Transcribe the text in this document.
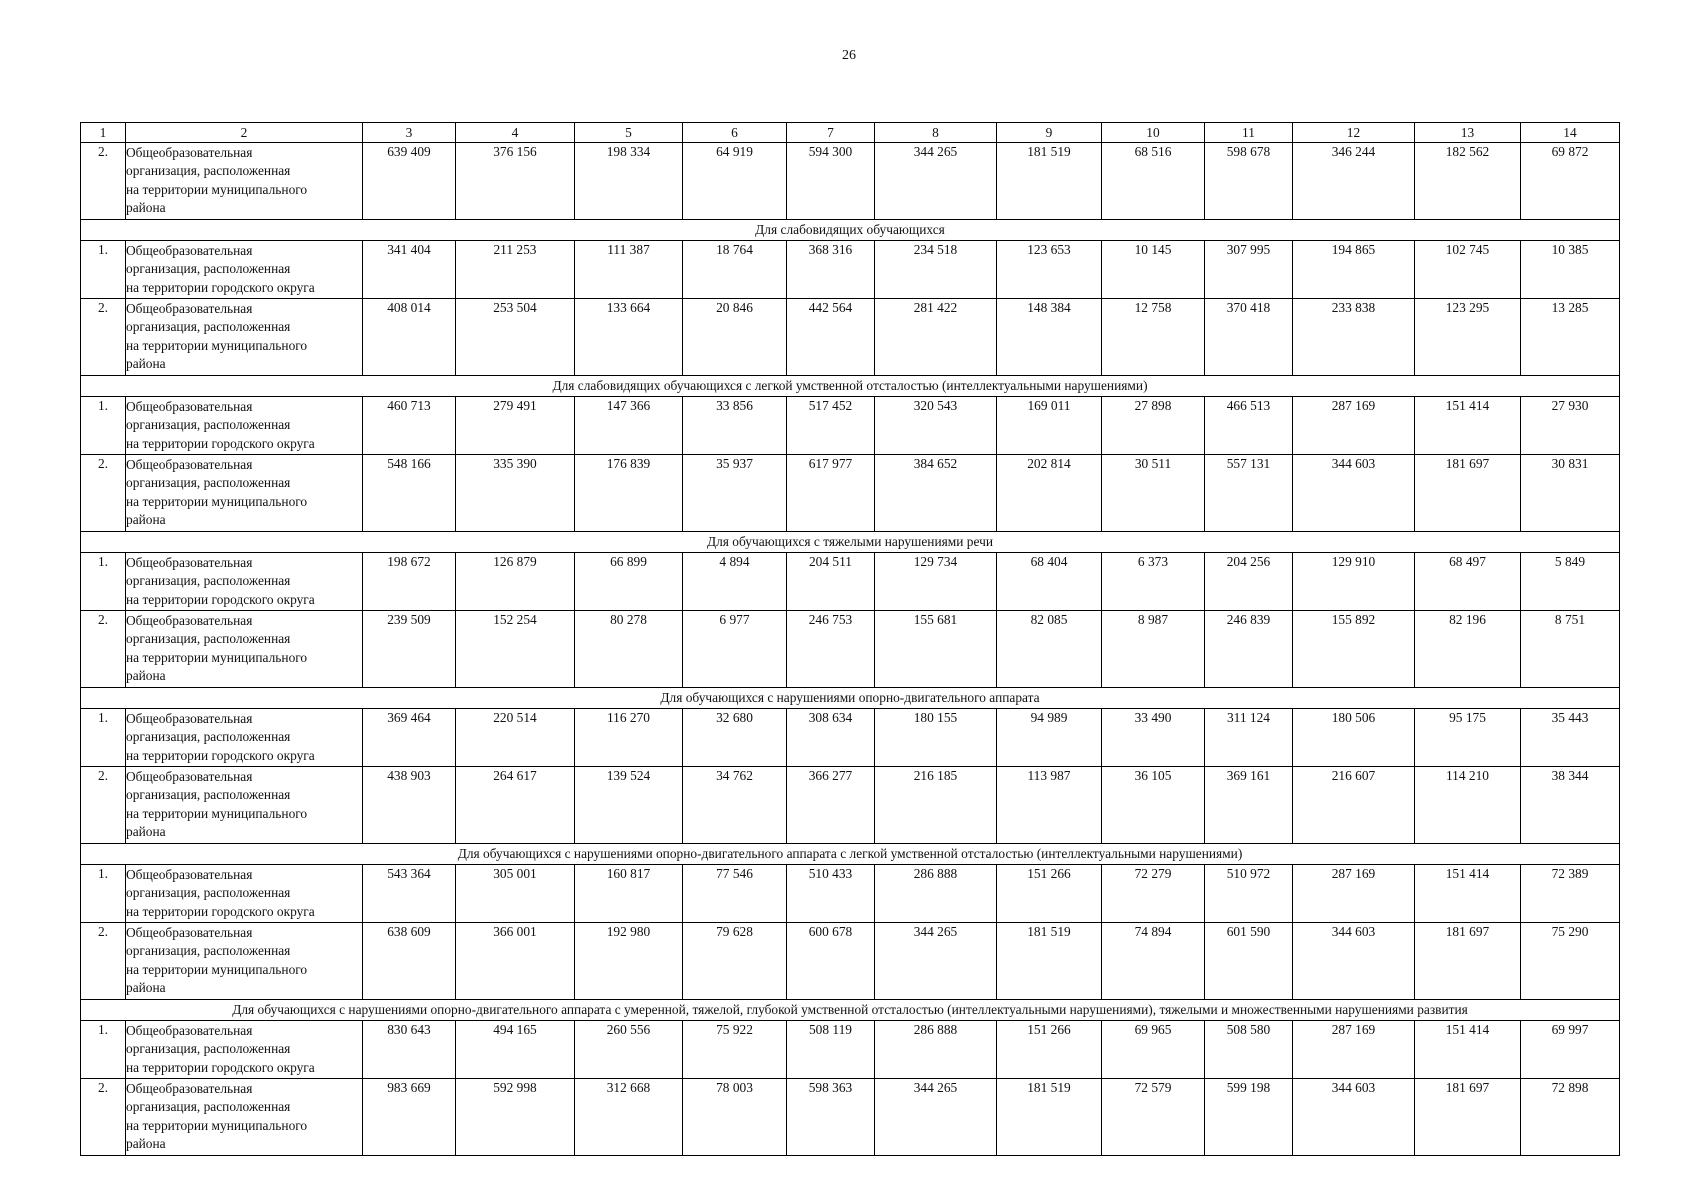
26
1	2	3	4	5	6	7	8	9	10	11	12	13	14
2.	Общеобразовательная
организация, расположенная
на территории муниципального
района	639 409	376 156	198 334	64 919	594 300	344 265	181 519	68 516	598 678	346 244	182 562	69 872
Для слабовидящих обучающихся													
1.	Общеобразовательная
организация, расположенная
на территории городского округа	341 404	211 253	111 387	18 764	368 316	234 518	123 653	10 145	307 995	194 865	102 745	10 385
2.	Общеобразовательная
организация, расположенная
на территории муниципального
района	408 014	253 504	133 664	20 846	442 564	281 422	148 384	12 758	370 418	233 838	123 295	13 285
Для слабовидящих обучающихся с легкой умственной отсталостью (интеллектуальными нарушениями)													
1.	Общеобразовательная
организация, расположенная
на территории городского округа	460 713	279 491	147 366	33 856	517 452	320 543	169 011	27 898	466 513	287 169	151 414	27 930
2.	Общеобразовательная
организация, расположенная
на территории муниципального
района	548 166	335 390	176 839	35 937	617 977	384 652	202 814	30 511	557 131	344 603	181 697	30 831
Для обучающихся с тяжелыми нарушениями речи													
1.	Общеобразовательная
организация, расположенная
на территории городского округа	198 672	126 879	66 899	4 894	204 511	129 734	68 404	6 373	204 256	129 910	68 497	5 849
2.	Общеобразовательная
организация, расположенная
на территории муниципального
района	239 509	152 254	80 278	6 977	246 753	155 681	82 085	8 987	246 839	155 892	82 196	8 751
Для обучающихся с нарушениями опорно-двигательного аппарата													
1.	Общеобразовательная
организация, расположенная
на территории городского округа	369 464	220 514	116 270	32 680	308 634	180 155	94 989	33 490	311 124	180 506	95 175	35 443
2.	Общеобразовательная
организация, расположенная
на территории муниципального
района	438 903	264 617	139 524	34 762	366 277	216 185	113 987	36 105	369 161	216 607	114 210	38 344
Для обучающихся с нарушениями опорно-двигательного аппарата с легкой умственной отсталостью (интеллектуальными нарушениями)													
1.	Общеобразовательная
организация, расположенная
на территории городского округа	543 364	305 001	160 817	77 546	510 433	286 888	151 266	72 279	510 972	287 169	151 414	72 389
2.	Общеобразовательная
организация, расположенная
на территории муниципального
района	638 609	366 001	192 980	79 628	600 678	344 265	181 519	74 894	601 590	344 603	181 697	75 290
Для обучающихся с нарушениями опорно-двигательного аппарата с умеренной, тяжелой, глубокой умственной отсталостью (интеллектуальными нарушениями), тяжелыми и множественными нарушениями развития													
1.	Общеобразовательная
организация, расположенная
на территории городского округа	830 643	494 165	260 556	75 922	508 119	286 888	151 266	69 965	508 580	287 169	151 414	69 997
2.	Общеобразовательная
организация, расположенная
на территории муниципального
района	983 669	592 998	312 668	78 003	598 363	344 265	181 519	72 579	599 198	344 603	181 697	72 898
